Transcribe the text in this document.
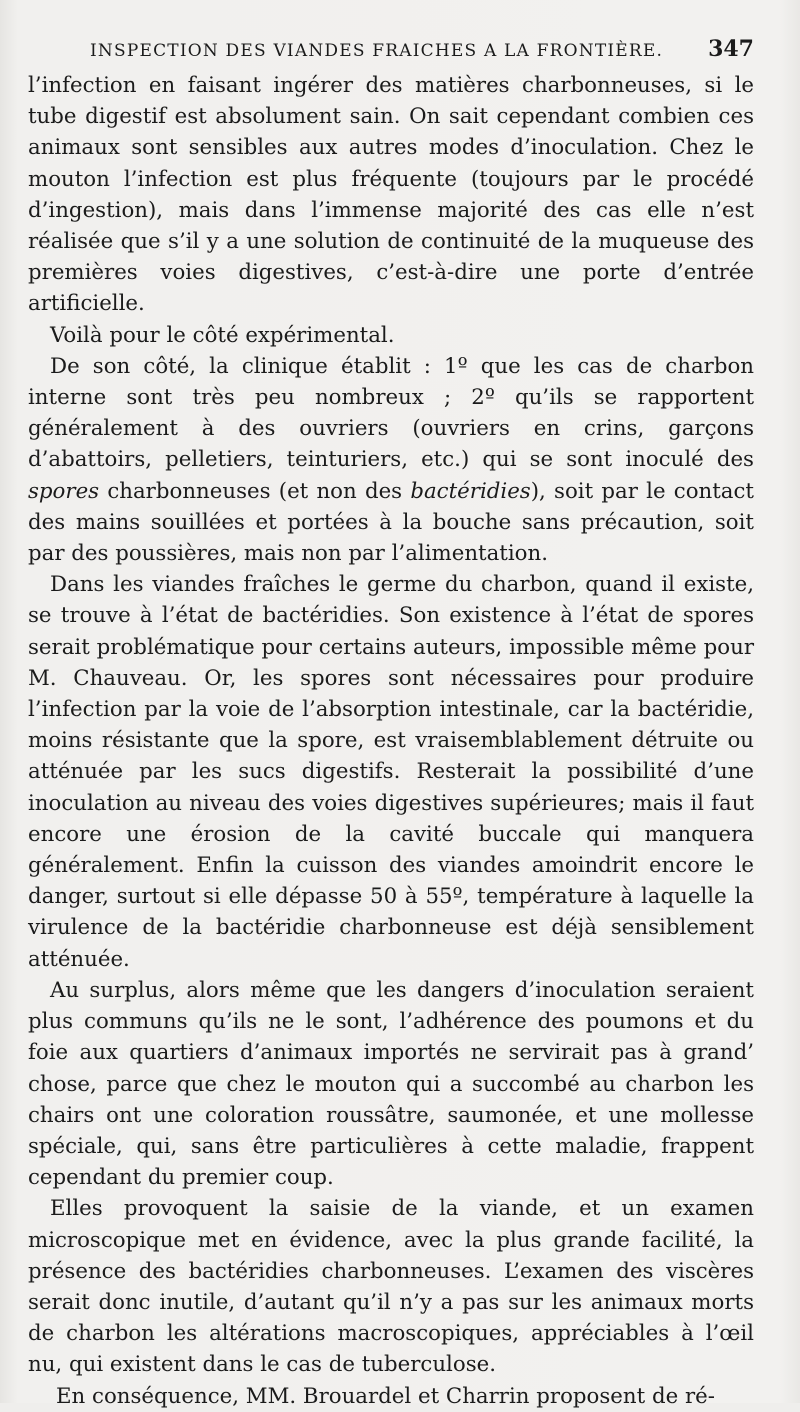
INSPECTION DES VIANDES FRAICHES A LA FRONTIÈRE. 347

l’infection en faisant ingérer des matières charbonneuses, si le tube digestif est absolument sain. On sait cependant combien ces animaux sont sensibles aux autres modes d’inoculation. Chez le mouton l’infection est plus fréquente (toujours par le procédé d’ingestion), mais dans l’immense majorité des cas elle n’est réalisée que s’il y a une solution de continuité de la muqueuse des premières voies digestives, c’est-à-dire une porte d’entrée artificielle.

Voilà pour le côté expérimental.

De son côté, la clinique établit : 1º que les cas de charbon interne sont très peu nombreux ; 2º qu’ils se rapportent généralement à des ouvriers (ouvriers en crins, garçons d’abattoirs, pelletiers, teinturiers, etc.) qui se sont inoculé des spores charbonneuses (et non des bactéridies), soit par le contact des mains souillées et portées à la bouche sans précaution, soit par des poussières, mais non par l’alimentation.

Dans les viandes fraîches le germe du charbon, quand il existe, se trouve à l’état de bactéridies. Son existence à l’état de spores serait problématique pour certains auteurs, impossible même pour M. Chauveau. Or, les spores sont nécessaires pour produire l’infection par la voie de l’absorption intestinale, car la bactéridie, moins résistante que la spore, est vraisemblablement détruite ou atténuée par les sucs digestifs. Resterait la possibilité d’une inoculation au niveau des voies digestives supérieures; mais il faut encore une érosion de la cavité buccale qui manquera généralement. Enfin la cuisson des viandes amoindrit encore le danger, surtout si elle dépasse 50 à 55º, température à laquelle la virulence de la bactéridie charbonneuse est déjà sensiblement atténuée.

Au surplus, alors même que les dangers d’inoculation seraient plus communs qu’ils ne le sont, l’adhérence des poumons et du foie aux quartiers d’animaux importés ne servirait pas à grand’ chose, parce que chez le mouton qui a succombé au charbon les chairs ont une coloration roussâtre, saumonée, et une mollesse spéciale, qui, sans être particulières à cette maladie, frappent cependant du premier coup.

Elles provoquent la saisie de la viande, et un examen microscopique met en évidence, avec la plus grande facilité, la présence des bactéridies charbonneuses. L’examen des viscères serait donc inutile, d’autant qu’il n’y a pas sur les animaux morts de charbon les altérations macroscopiques, appréciables à l’œil nu, qui existent dans le cas de tuberculose.

En conséquence, MM. Brouardel et Charrin proposent de ré-
